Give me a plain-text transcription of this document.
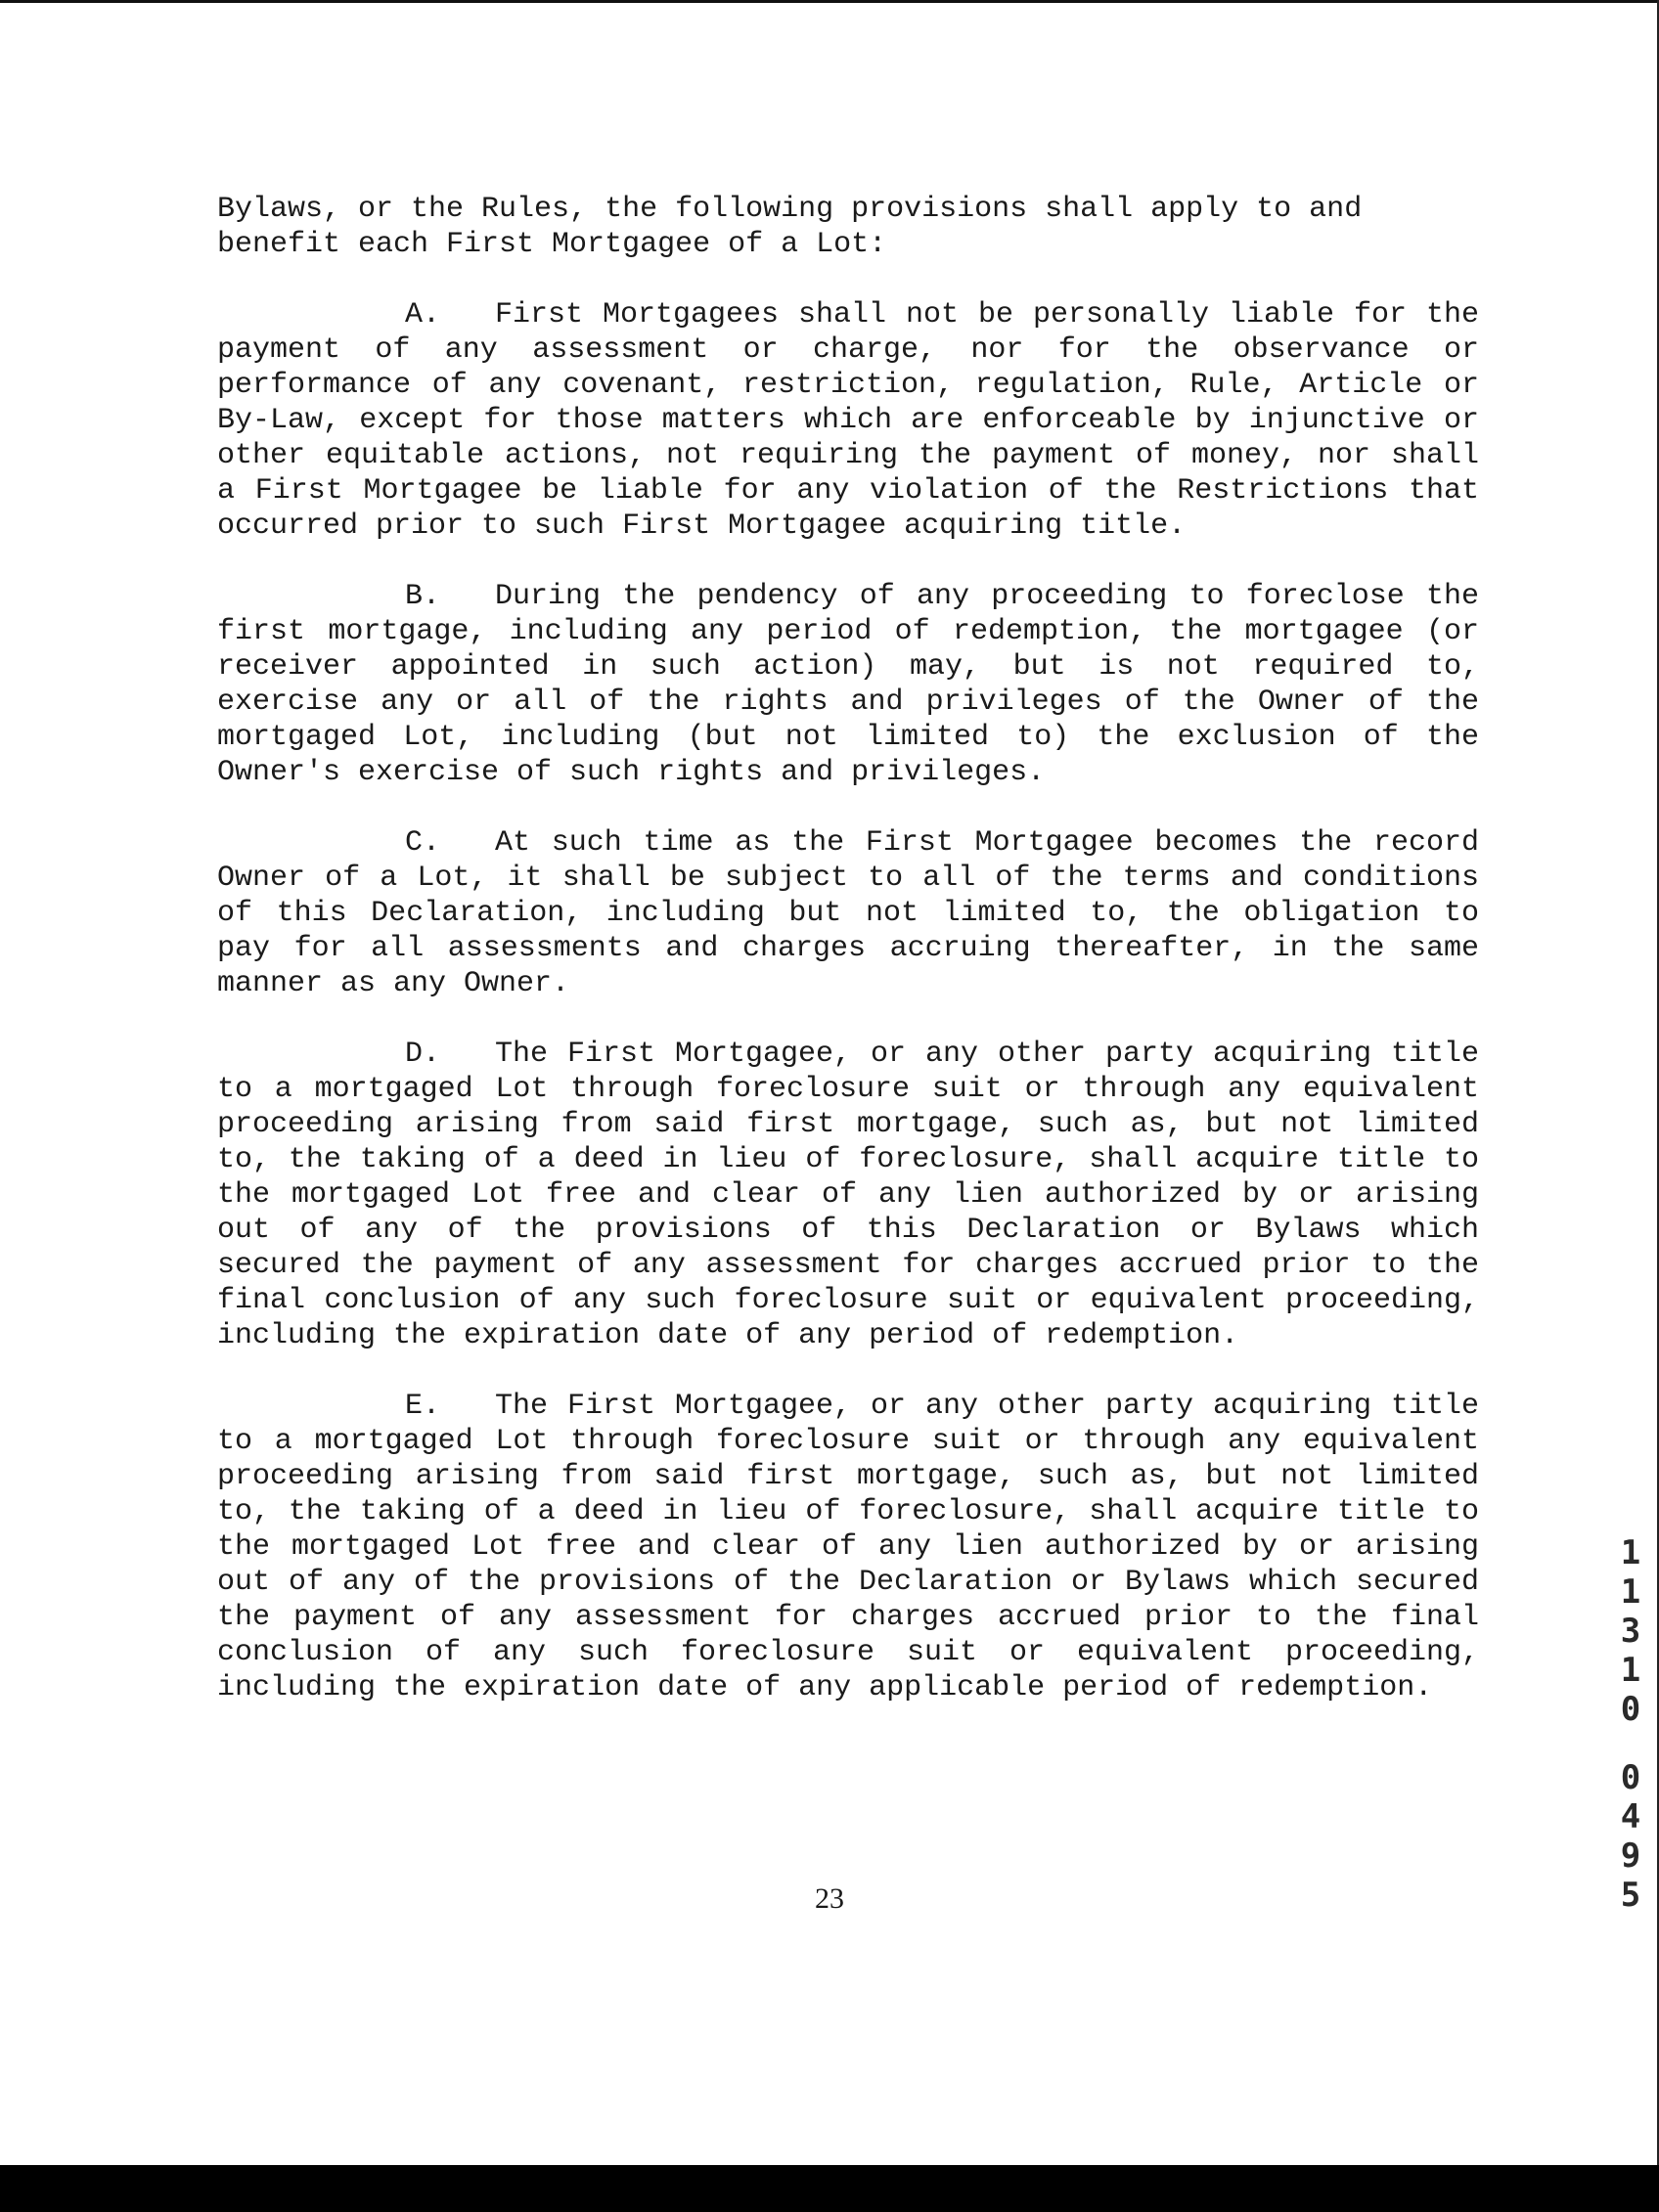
Bylaws, or the Rules, the following provisions shall apply to and benefit each First Mortgagee of a Lot:

A. First Mortgagees shall not be personally liable for the payment of any assessment or charge, nor for the observance or performance of any covenant, restriction, regulation, Rule, Article or By-Law, except for those matters which are enforceable by injunctive or other equitable actions, not requiring the payment of money, nor shall a First Mortgagee be liable for any violation of the Restrictions that occurred prior to such First Mortgagee acquiring title.

B. During the pendency of any proceeding to foreclose the first mortgage, including any period of redemption, the mortgagee (or receiver appointed in such action) may, but is not required to, exercise any or all of the rights and privileges of the Owner of the mortgaged Lot, including (but not limited to) the exclusion of the Owner's exercise of such rights and privileges.

C. At such time as the First Mortgagee becomes the record Owner of a Lot, it shall be subject to all of the terms and conditions of this Declaration, including but not limited to, the obligation to pay for all assessments and charges accruing thereafter, in the same manner as any Owner.

D. The First Mortgagee, or any other party acquiring title to a mortgaged Lot through foreclosure suit or through any equivalent proceeding arising from said first mortgage, such as, but not limited to, the taking of a deed in lieu of foreclosure, shall acquire title to the mortgaged Lot free and clear of any lien authorized by or arising out of any of the provisions of this Declaration or Bylaws which secured the payment of any assessment for charges accrued prior to the final conclusion of any such foreclosure suit or equivalent proceeding, including the expiration date of any period of redemption.

E. The First Mortgagee, or any other party acquiring title to a mortgaged Lot through foreclosure suit or through any equivalent proceeding arising from said first mortgage, such as, but not limited to, the taking of a deed in lieu of foreclosure, shall acquire title to the mortgaged Lot free and clear of any lien authorized by or arising out of any of the provisions of the Declaration or Bylaws which secured the payment of any assessment for charges accrued prior to the final conclusion of any such foreclosure suit or equivalent proceeding, including the expiration date of any applicable period of redemption.

1
1
3
1
0
0
4
9
5
23
